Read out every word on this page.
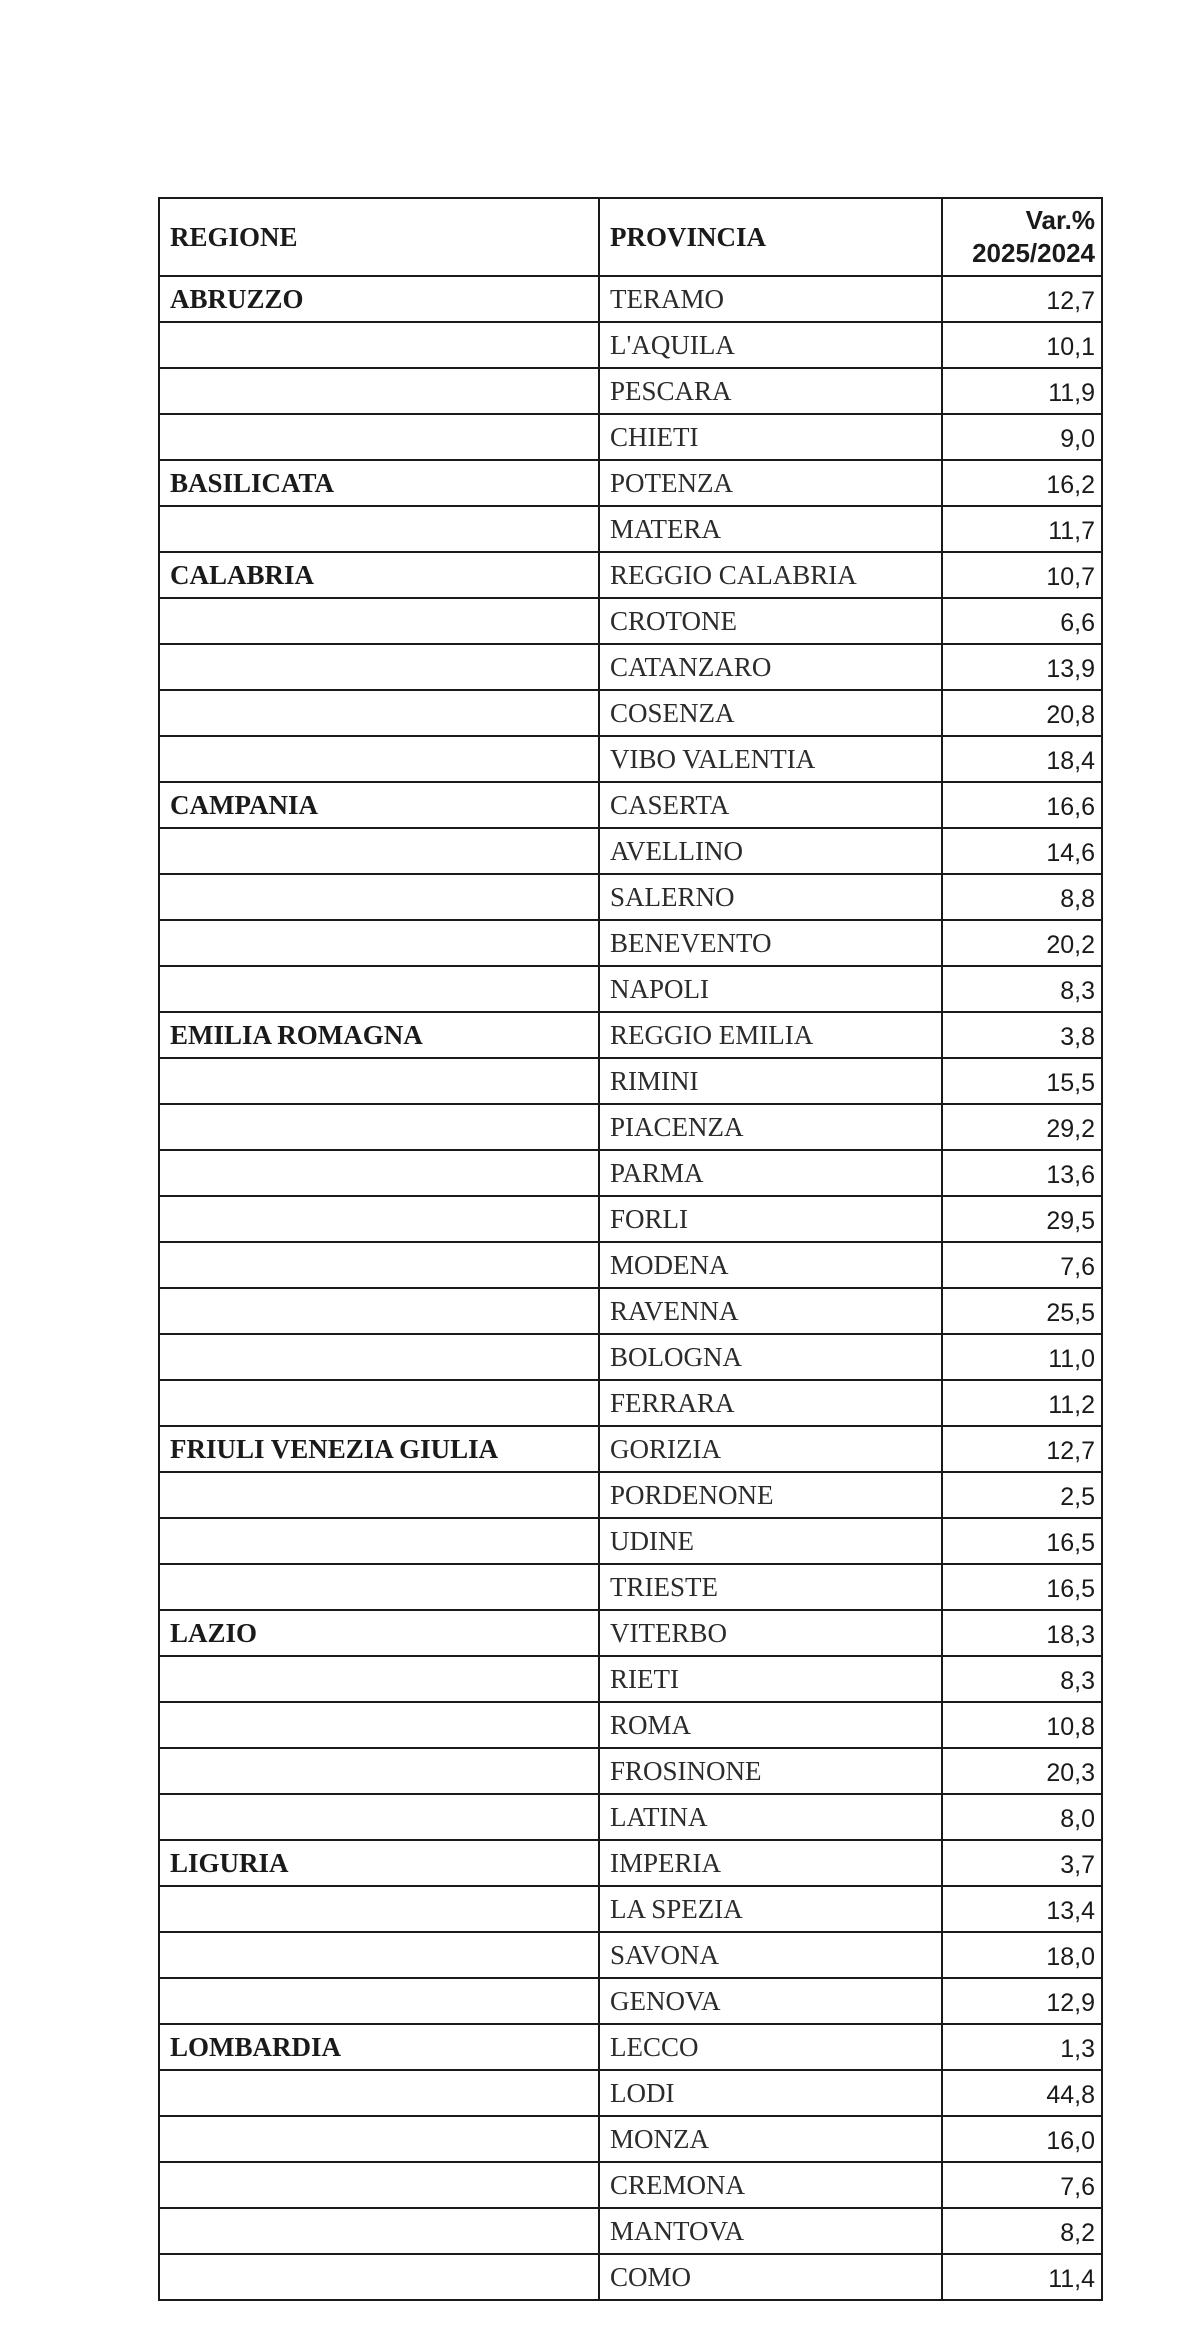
REGIONE	PROVINCIA	Var.%
2025/2024
ABRUZZO	TERAMO	12,7
	L'AQUILA	10,1
	PESCARA	11,9
	CHIETI	9,0
BASILICATA	POTENZA	16,2
	MATERA	11,7
CALABRIA	REGGIO CALABRIA	10,7
	CROTONE	6,6
	CATANZARO	13,9
	COSENZA	20,8
	VIBO VALENTIA	18,4
CAMPANIA	CASERTA	16,6
	AVELLINO	14,6
	SALERNO	8,8
	BENEVENTO	20,2
	NAPOLI	8,3
EMILIA ROMAGNA	REGGIO EMILIA	3,8
	RIMINI	15,5
	PIACENZA	29,2
	PARMA	13,6
	FORLI	29,5
	MODENA	7,6
	RAVENNA	25,5
	BOLOGNA	11,0
	FERRARA	11,2
FRIULI VENEZIA GIULIA	GORIZIA	12,7
	PORDENONE	2,5
	UDINE	16,5
	TRIESTE	16,5
LAZIO	VITERBO	18,3
	RIETI	8,3
	ROMA	10,8
	FROSINONE	20,3
	LATINA	8,0
LIGURIA	IMPERIA	3,7
	LA SPEZIA	13,4
	SAVONA	18,0
	GENOVA	12,9
LOMBARDIA	LECCO	1,3
	LODI	44,8
	MONZA	16,0
	CREMONA	7,6
	MANTOVA	8,2
	COMO	11,4
